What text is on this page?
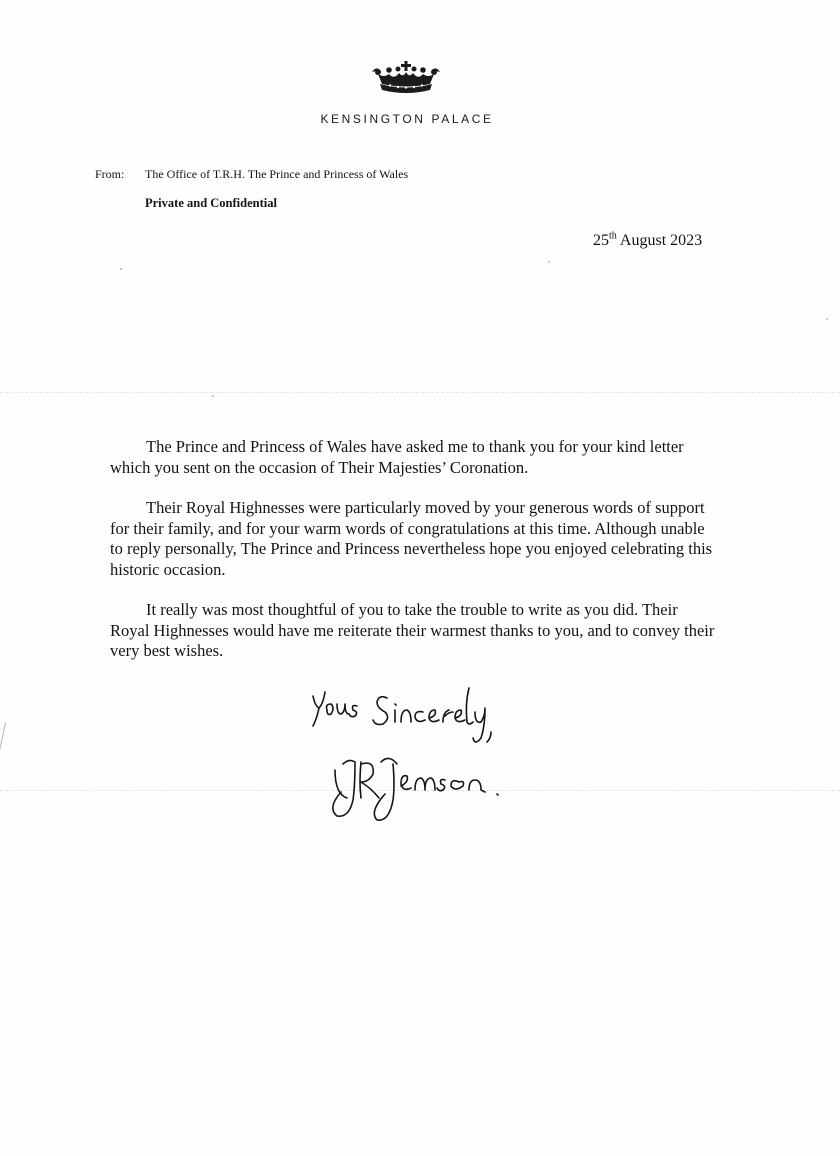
KENSINGTON PALACE
From: The Office of T.R.H. The Prince and Princess of Wales
Private and Confidential
25th August 2023

The Prince and Princess of Wales have asked me to thank you for your kind letter which you sent on the occasion of Their Majesties’ Coronation.

Their Royal Highnesses were particularly moved by your generous words of support for their family, and for your warm words of congratulations at this time. Although unable to reply personally, The Prince and Princess nevertheless hope you enjoyed celebrating this historic occasion.

It really was most thoughtful of you to take the trouble to write as you did. Their Royal Highnesses would have me reiterate their warmest thanks to you, and to convey their very best wishes.
